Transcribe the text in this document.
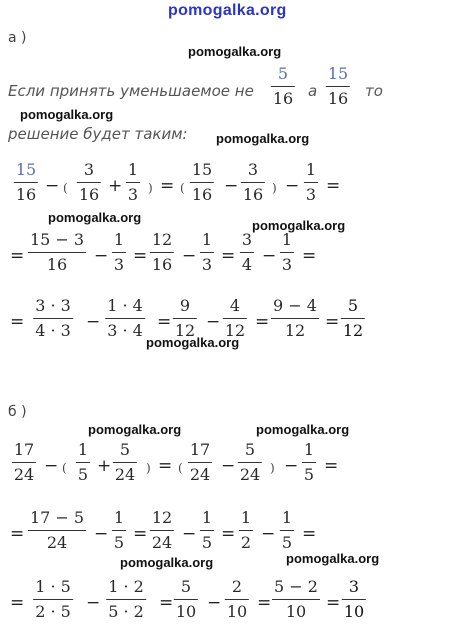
pomogalka.org
а )
pomogalka.org
Если принять уменьшаемое не
5
16 а
15
16 то
pomogalka.org
решение будет таким: pomogalka.org
15
16 − (
3
16 +
1
3 ) = (
15
16 −
3
16 ) −
1
3 =
pomogalka.org
pomogalka.org
=
15 − 3
16 −
1
3 =
12
16 −
1
3 =
3
4 −
1
3 =
=
3 · 3
4 · 3 −
1 · 4
3 · 4 =
9
12 −
4
12 =
9 − 4
12 =
5
12
pomogalka.org
б )
pomogalka.org	pomogalka.org
17
24 − (
1
5 +
5
24 ) = (
17
24 −
5
24 ) −
1
5 =
=
17 − 5
24 −
1
5 =
12
24 −
1
5 =
1
2 −
1
5 =
pomogalka.org
pomogalka.org
=
1 · 5
2 · 5 −
1 · 2
5 · 2 =
5
10 −
2
10 =
5 − 2
10 =
3
10
